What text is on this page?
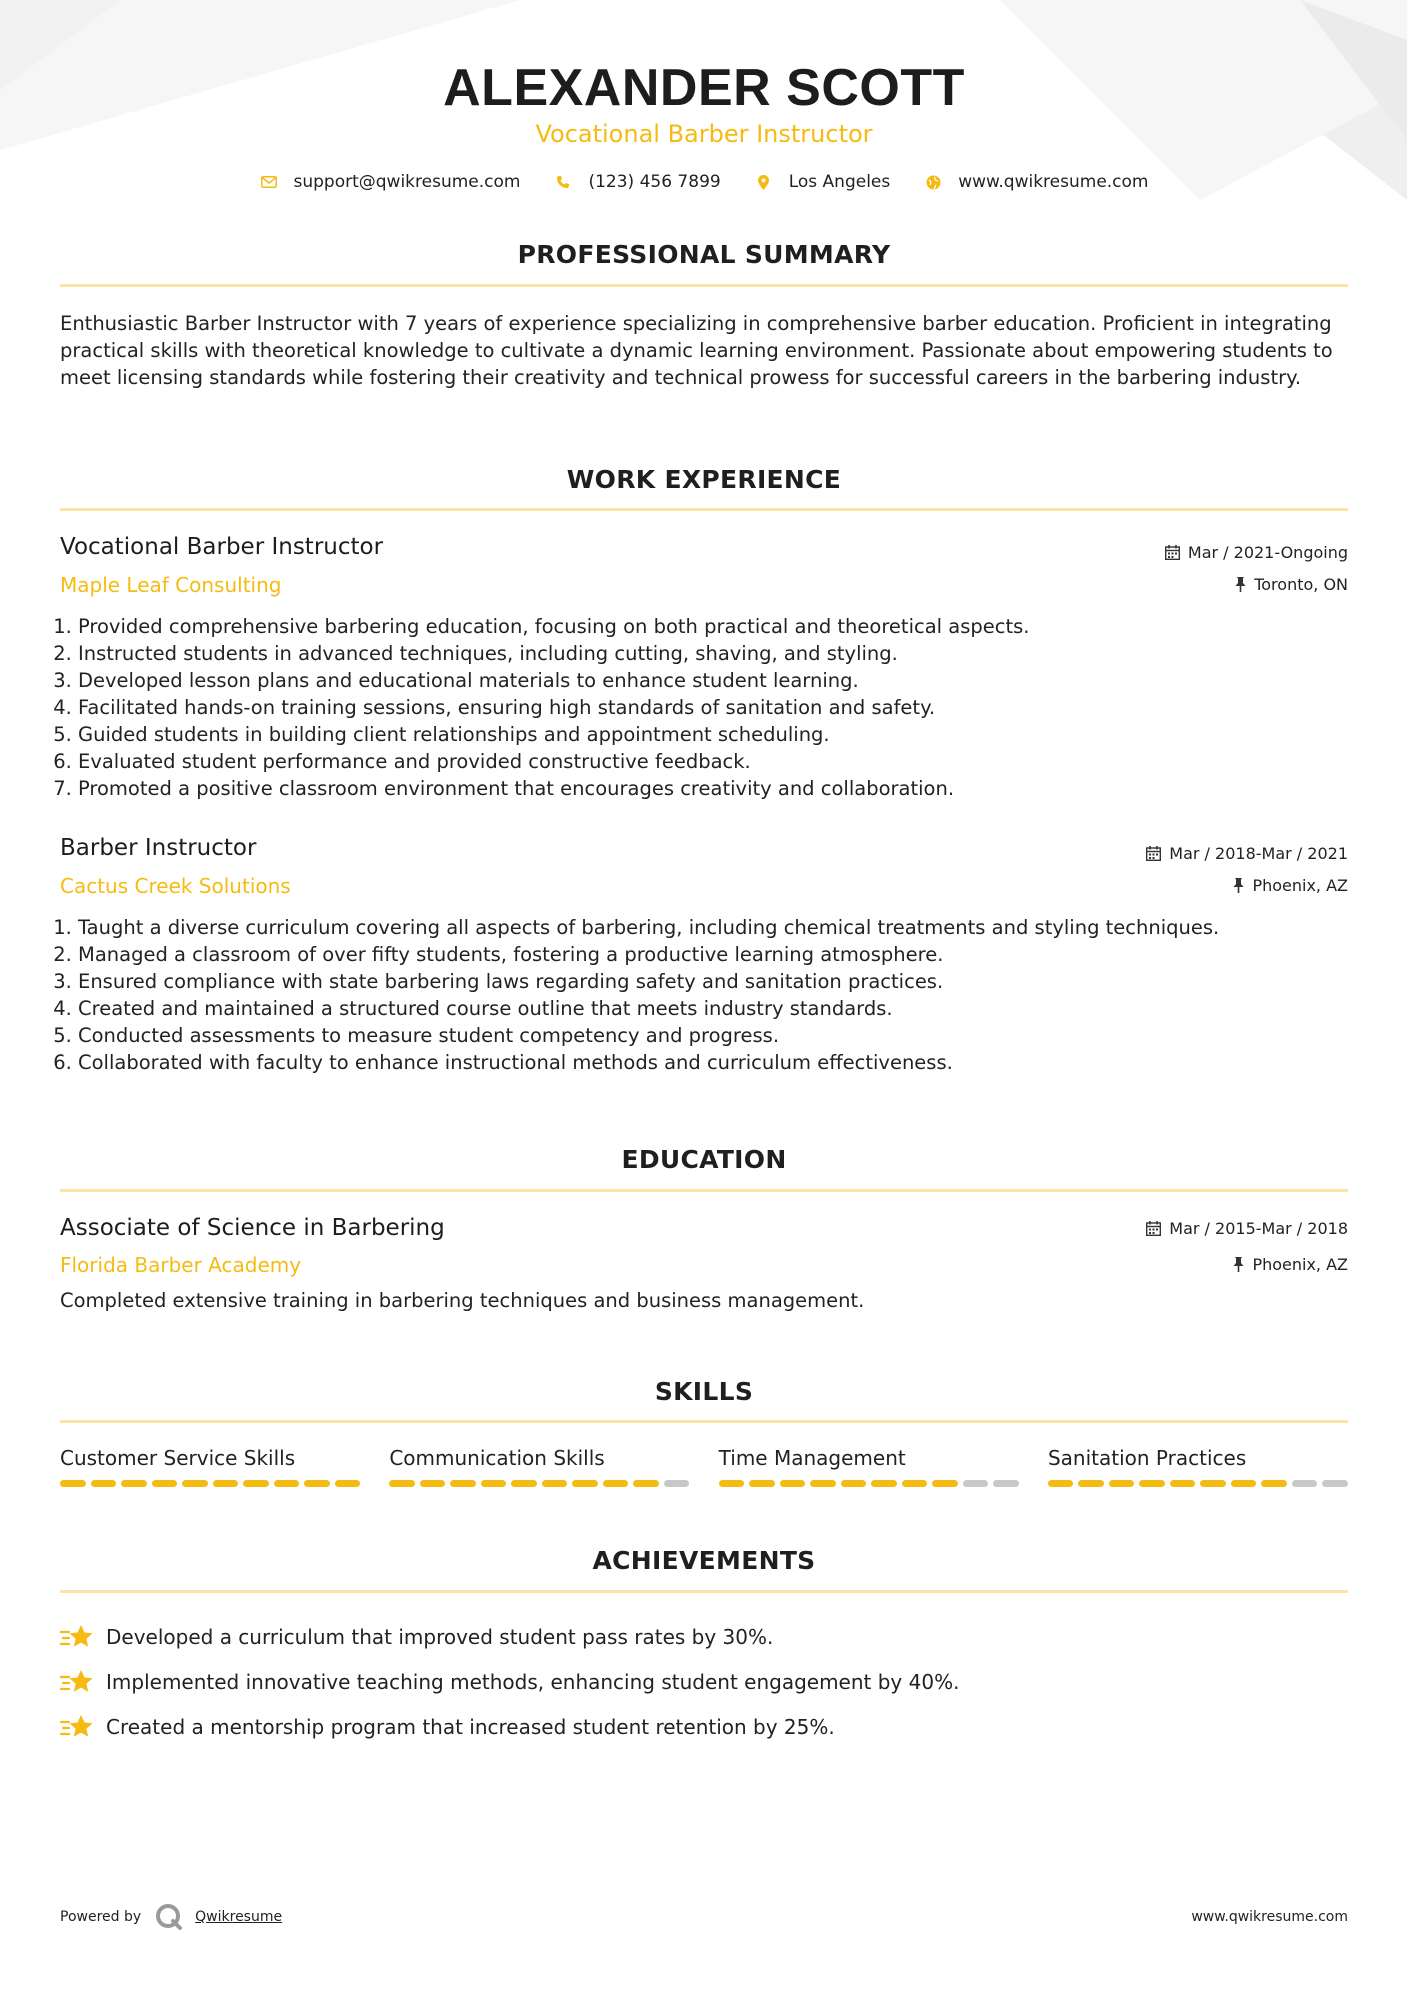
ALEXANDER SCOTT
Vocational Barber Instructor
support@qwikresume.com	(123) 456 7899	Los Angeles	www.qwikresume.com
PROFESSIONAL SUMMARY
Enthusiastic Barber Instructor with 7 years of experience specializing in comprehensive barber education. Proficient in integrating practical skills with theoretical knowledge to cultivate a dynamic learning environment. Passionate about empowering students to meet licensing standards while fostering their creativity and technical prowess for successful careers in the barbering industry.
WORK EXPERIENCE
Vocational Barber Instructor
Maple Leaf Consulting
Mar / 2021-Ongoing
Toronto, ON
1. Provided comprehensive barbering education, focusing on both practical and theoretical aspects.
2. Instructed students in advanced techniques, including cutting, shaving, and styling.
3. Developed lesson plans and educational materials to enhance student learning.
4. Facilitated hands-on training sessions, ensuring high standards of sanitation and safety.
5. Guided students in building client relationships and appointment scheduling.
6. Evaluated student performance and provided constructive feedback.
7. Promoted a positive classroom environment that encourages creativity and collaboration.
Barber Instructor
Cactus Creek Solutions
Mar / 2018-Mar / 2021
Phoenix, AZ
1. Taught a diverse curriculum covering all aspects of barbering, including chemical treatments and styling techniques.
2. Managed a classroom of over fifty students, fostering a productive learning atmosphere.
3. Ensured compliance with state barbering laws regarding safety and sanitation practices.
4. Created and maintained a structured course outline that meets industry standards.
5. Conducted assessments to measure student competency and progress.
6. Collaborated with faculty to enhance instructional methods and curriculum effectiveness.
EDUCATION
Associate of Science in Barbering
Florida Barber Academy
Mar / 2015-Mar / 2018
Phoenix, AZ
Completed extensive training in barbering techniques and business management.
SKILLS
Customer Service Skills	Communication Skills	Time Management	Sanitation Practices
ACHIEVEMENTS
Developed a curriculum that improved student pass rates by 30%.
Implemented innovative teaching methods, enhancing student engagement by 40%.
Created a mentorship program that increased student retention by 25%.
Powered by	Qwikresume	www.qwikresume.com
